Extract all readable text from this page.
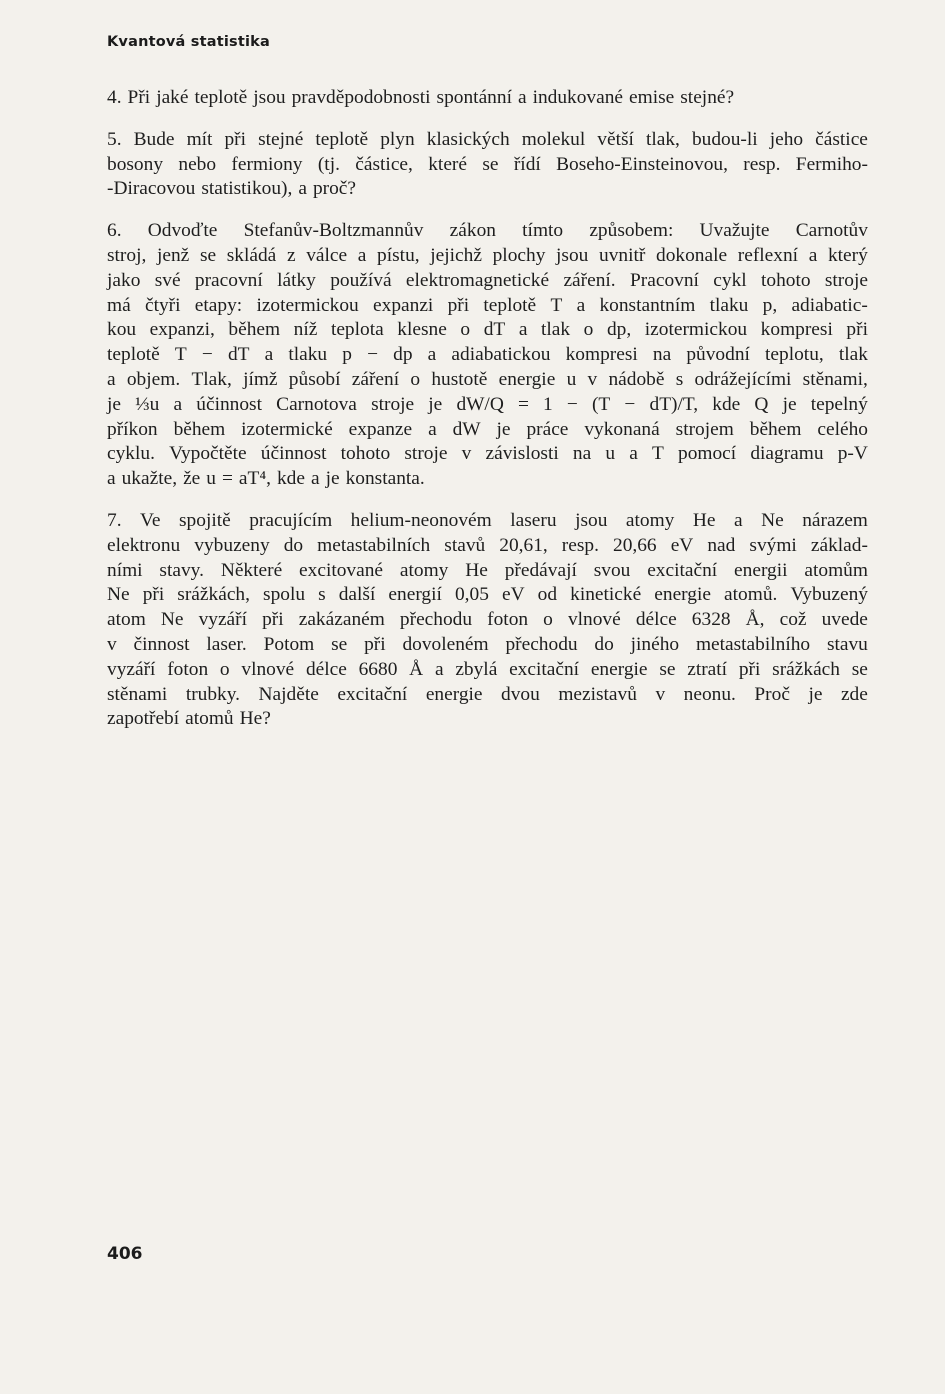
Kvantová statistika
4. Při jaké teplotě jsou pravděpodobnosti spontánní a indukované emise stejné?
5. Bude mít při stejné teplotě plyn klasických molekul větší tlak, budou-li jeho částice
bosony nebo fermiony (tj. částice, které se řídí Boseho-Einsteinovou, resp. Fermiho-
-Diracovou statistikou), a proč?
6. Odvoďte Stefanův-Boltzmannův zákon tímto způsobem: Uvažujte Carnotův
stroj, jenž se skládá z válce a pístu, jejichž plochy jsou uvnitř dokonale reflexní a který
jako své pracovní látky používá elektromagnetické záření. Pracovní cykl tohoto stroje
má čtyři etapy: izotermickou expanzi při teplotě T a konstantním tlaku p, adiabatic-
kou expanzi, během níž teplota klesne o dT a tlak o dp, izotermickou kompresi při
teplotě T − dT a tlaku p − dp a adiabatickou kompresi na původní teplotu, tlak
a objem. Tlak, jímž působí záření o hustotě energie u v nádobě s odrážejícími stěnami,
je ⅓u a účinnost Carnotova stroje je dW/Q = 1 − (T − dT)/T, kde Q je tepelný
příkon během izotermické expanze a dW je práce vykonaná strojem během celého
cyklu. Vypočtěte účinnost tohoto stroje v závislosti na u a T pomocí diagramu p-V
a ukažte, že u = aT⁴, kde a je konstanta.
7. Ve spojitě pracujícím helium-neonovém laseru jsou atomy He a Ne nárazem
elektronu vybuzeny do metastabilních stavů 20,61, resp. 20,66 eV nad svými základ-
ními stavy. Některé excitované atomy He předávají svou excitační energii atomům
Ne při srážkách, spolu s další energií 0,05 eV od kinetické energie atomů. Vybuzený
atom Ne vyzáří při zakázaném přechodu foton o vlnové délce 6328 Å, což uvede
v činnost laser. Potom se při dovoleném přechodu do jiného metastabilního stavu
vyzáří foton o vlnové délce 6680 Å a zbylá excitační energie se ztratí při srážkách se
stěnami trubky. Najděte excitační energie dvou mezistavů v neonu. Proč je zde
zapotřebí atomů He?
406
